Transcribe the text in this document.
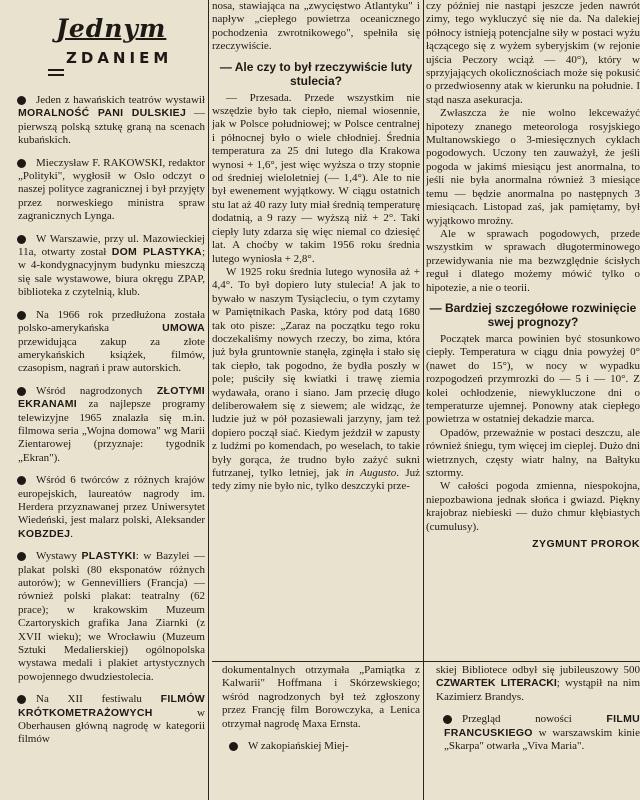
Jednym
ZDANIEM

Jeden z hawańskich teatrów wystawił MORALNOŚĆ PANI DULSKIEJ — pierwszą polską sztukę graną na scenach kubańskich.

Mieczysław F. RAKOWSKI, redaktor „Polityki", wygłosił w Oslo odczyt o naszej polityce zagranicznej i był przyjęty przez norweskiego ministra spraw zagranicznych Lynga.

W Warszawie, przy ul. Mazowieckiej 11a, otwarty został DOM PLASTYKA; w 4-kondygnacyjnym budynku mieszczą się sale wystawowe, biura okręgu ZPAP, biblioteka z czytelnią, klub.

Na 1966 rok przedłużona została polsko-amerykańska UMOWA przewidująca zakup za złote amerykańskich książek, filmów, czasopism, nagrań i praw autorskich.

Wśród nagrodzonych ZŁOTYMI EKRANAMI za najlepsze programy telewizyjne 1965 znalazła się m.in. filmowa seria „Wojna domowa" wg Marii Zientarowej (przyznaje: tygodnik „Ekran").

Wśród 6 twórców z różnych krajów europejskich, laureatów nagrody im. Herdera przyznawanej przez Uniwersytet Wiedeński, jest malarz polski, Aleksander KOBZDEJ.

Wystawy PLASTYKI: w Bazylei — plakat polski (80 eksponatów różnych autorów); w Gennevilliers (Francja) — również polski plakat: teatralny (62 prace); w krakowskim Muzeum Czartoryskich grafika Jana Ziarnki (z XVII wieku); we Wrocławiu (Muzeum Sztuki Medalierskiej) ogólnopolska wystawa medali i plakiet artystycznych powojennego dwudziestolecia.

Na XII festiwalu FILMÓW KRÓTKOMETRAŻOWYCH w Oberhausen główną nagrodę w kategorii filmów

nosa, stawiająca na „zwycięstwo Atlantyku" i napływ „ciepłego powietrza oceanicznego pochodzenia zwrotnikowego", spełniła się rzeczywiście.

— Ale czy to był rzeczywiście luty stulecia?

— Przesada. Przede wszystkim nie wszędzie było tak ciepło, niemal wiosennie, jak w Polsce południowej; w Polsce centralnej i północnej było o wiele chłodniej. Średnia temperatura za 25 dni lutego dla Krakowa wynosi + 1,6°, jest więc wyższa o trzy stopnie od średniej wieloletniej (— 1,4°). Ale to nie był ewenement wyjątkowy. W ciągu ostatnich stu lat aż 40 razy luty miał średnią temperaturę dodatnią, a 9 razy — wyższą niż + 2°. Taki ciepły luty zdarza się więc niemal co dziesięć lat. A choćby w takim 1956 roku średnia lutego wyniosła + 2,8°.

W 1925 roku średnia lutego wynosiła aż + 4,4°. To był dopiero luty stulecia! A jak to bywało w naszym Tysiącleciu, o tym czytamy w Pamiętnikach Paska, który pod datą 1680 tak oto pisze: „Zaraz na początku tego roku doczekaliśmy nowych rzeczy, bo zima, która już była gruntownie stanęła, zginęła i stało się tak ciepło, tak pogodno, że bydła poszły w pole; puściły się kwiatki i trawę ziemia wydawała, orano i siano. Jam przecię długo deliberowałem się z siewem; ale widząc, że ludzie już w pół pozasiewali jarzyny, jam też dopiero począł siać. Kiedym jeździł w zapusty z ludźmi po komendach, po weselach, to takie były gorąca, że trudno było zażyć sukni futrzanej, tylko letniej, jak in Augusto. Już tedy zimy nie było nic, tylko deszczyki prze-

czy później nie nastąpi jeszcze jeden nawrót zimy, tego wykluczyć się nie da. Na dalekiej północy istnieją potencjalne siły w postaci wyżu łączącego się z wyżem syberyjskim (w rejonie ujścia Peczory wciąż — 40°), który w sprzyjających okolicznościach może się pokusić o przedwiosenny atak w kierunku na południe. I stąd nasza asekuracja.

Zwłaszcza że nie wolno lekceważyć hipotezy znanego meteorologa rosyjskiego Multanowskiego o 3-miesięcznych cyklach pogodowych. Uczony ten zauważył, że jeśli pogoda w jakimś miesiącu jest anormalna, to jeśli nie była anormalna również 3 miesiące temu — będzie anormalna po następnych 3 miesiącach. Listopad zaś, jak pamiętamy, był wyjątkowo mroźny.

Ale w sprawach pogodowych, przede wszystkim w sprawach długoterminowego przewidywania nie ma bezwzględnie ścisłych reguł i dlatego możemy mówić tylko o hipotezie, a nie o teorii.

— Bardziej szczegółowe rozwinięcie swej prognozy?

Początek marca powinien być stosunkowo ciepły. Temperatura w ciągu dnia powyżej 0° (nawet do 15°), w nocy w wypadku rozpogodzeń przymrozki do — 5 i — 10°. Z kolei ochłodzenie, niewykluczone dni o temperaturze ujemnej. Ponowny atak ciepłego powietrza w ostatniej dekadzie marca.

Opadów, przeważnie w postaci deszczu, ale również śniegu, tym więcej im cieplej. Dużo dni wietrznych, częsty wiatr halny, na Bałtyku sztormy.

W całości pogoda zmienna, niespokojna, niepozbawiona jednak słońca i gwiazd. Piękny krajobraz niebieski — dużo chmur kłębiastych (cumulusy).

ZYGMUNT PROROK

dokumentalnych otrzymała „Pamiątka z Kalwarii" Hoffmana i Skórzewskiego; wśród nagrodzonych był też zgłoszony przez Francję film Borowczyka, a Lenica otrzymał nagrodę Maxa Ernsta.

W zakopiańskiej Miej-

skiej Bibliotece odbył się jubileuszowy 500 CZWARTEK LITERACKI; wystąpił na nim Kazimierz Brandys.

Przegląd nowości FILMU FRANCUSKIEGO w warszawskim kinie „Skarpa" otwarła „Viva Maria".
